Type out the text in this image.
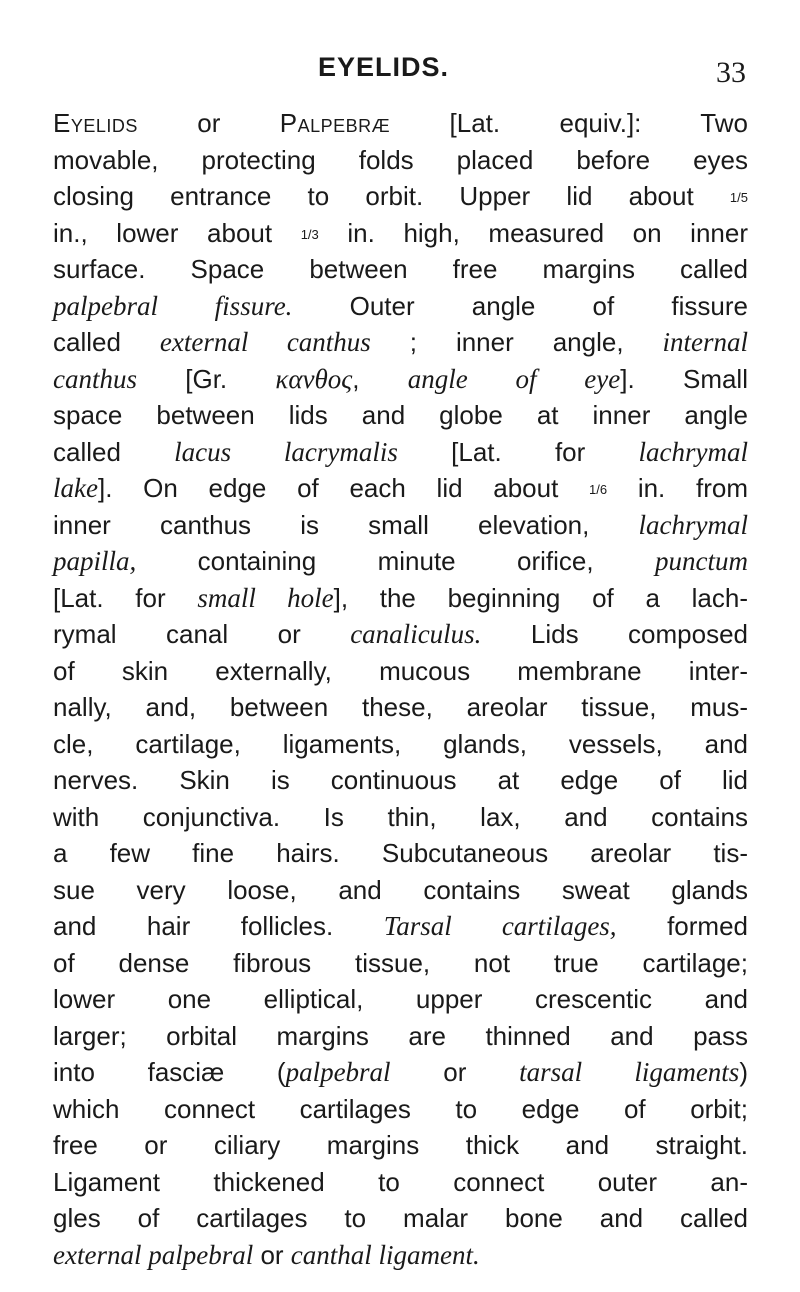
EYELIDS.	33
Eyelids or Palpebræ [Lat. equiv.]: Two
movable, protecting folds placed before eyes
closing entrance to orbit. Upper lid about	1/5
in., lower about 1/3 in. high, measured on inner
surface. Space between free margins called
palpebral fissure. Outer angle of fissure
called external canthus ; inner angle, internal
canthus [Gr. κανθος, angle of eye]. Small
space between lids and globe at inner angle
called lacus lacrymalis [Lat. for lachrymal
lake]. On edge of each lid about 1/6 in. from
inner canthus is small elevation, lachrymal
papilla, containing minute orifice, punctum
[Lat. for small hole], the beginning of a lach-
rymal canal or canaliculus. Lids composed
of skin externally, mucous membrane inter-
nally, and, between these, areolar tissue, mus-
cle, cartilage, ligaments, glands, vessels, and
nerves. Skin is continuous at edge of lid
with conjunctiva. Is thin, lax, and contains
a few fine hairs. Subcutaneous areolar tis-
sue very loose, and contains sweat glands
and hair follicles. Tarsal cartilages, formed
of dense fibrous tissue, not true cartilage;
lower one elliptical, upper crescentic and
larger; orbital margins are thinned and pass
into fasciæ (palpebral or tarsal ligaments)
which connect cartilages to edge of orbit;
free or ciliary margins thick and straight.
Ligament thickened to connect outer an-
gles of cartilages to malar bone and called
external palpebral or canthal ligament.
